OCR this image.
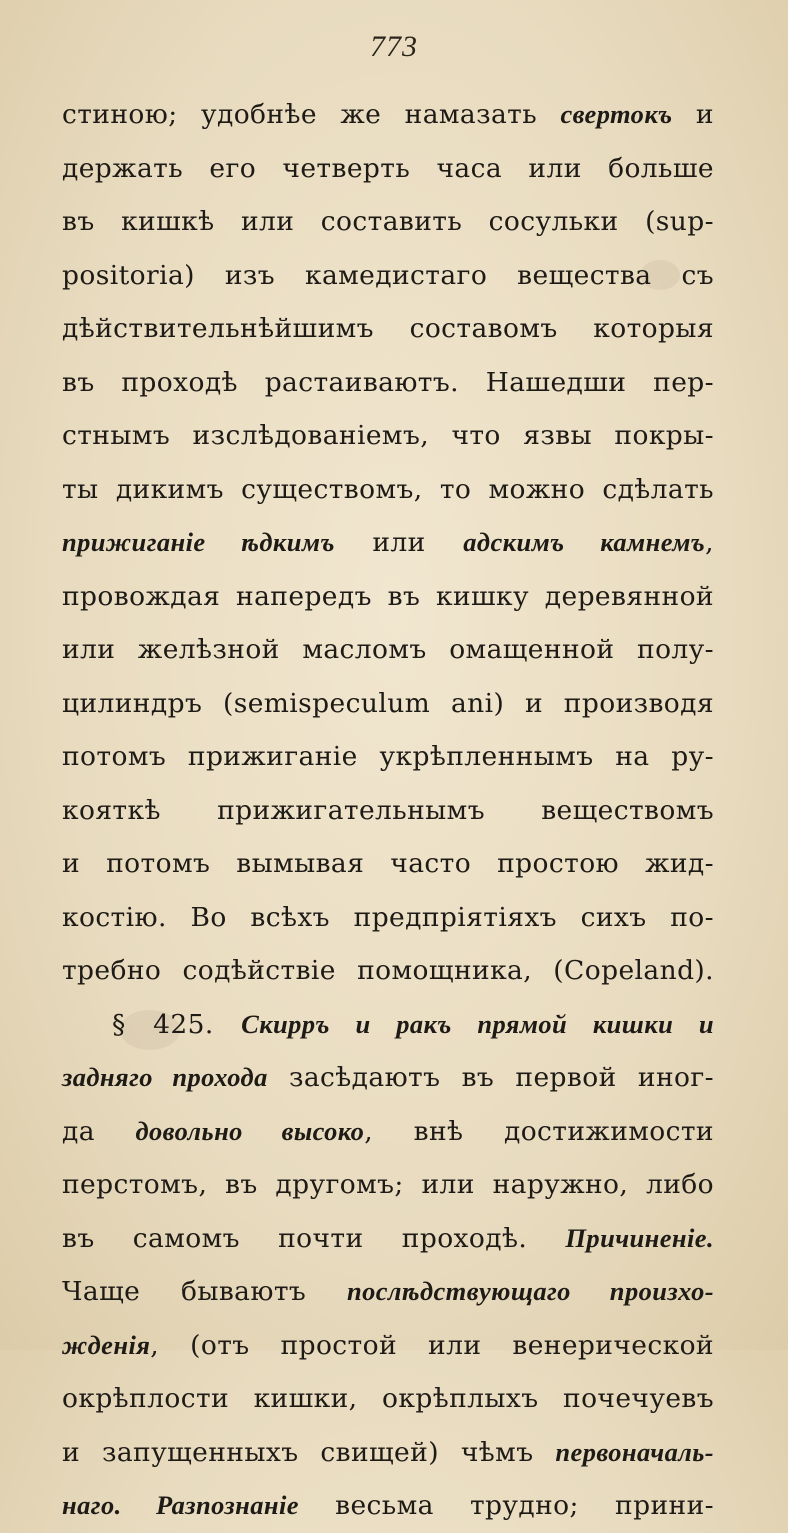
773
стиною; удобнѣе же намазать свертокъ и
держать его четверть часа или больше
въ кишкѣ или составить сосульки (sup-
positoria) изъ камедистаго вещества съ
дѣйствительнѣйшимъ составомъ которыя
въ проходѣ растаиваютъ. Нашедши пер-
стнымъ изслѣдованіемъ, что язвы покры-
ты дикимъ существомъ, то можно сдѣлать
прижиганіе ѣдкимъ или адскимъ камнемъ,
провождая напередъ въ кишку деревянной
или желѣзной масломъ омащенной полу-
цилиндръ (semispeculum ani) и производя
потомъ прижиганіе укрѣпленнымъ на ру-
кояткѣ прижигательнымъ веществомъ
и потомъ вымывая часто простою жид-
костію. Во всѣхъ предпріятіяхъ сихъ по-
требно содѣйствіе помощника, (Copeland).
§ 425. Скирръ и ракъ прямой кишки и
задняго прохода засѣдаютъ въ первой иног-
да довольно высоко, внѣ достижимости
перстомъ, въ другомъ; или наружно, либо
въ самомъ почти проходѣ. Причиненіе.
Чаще бываютъ послѣдствующаго произхо-
жденія, (отъ простой или венерической
окрѣплости кишки, окрѣплыхъ почечуевъ
и запущенныхъ свищей) чѣмъ первоначаль-
наго. Разпознаніе весьма трудно; прини-
